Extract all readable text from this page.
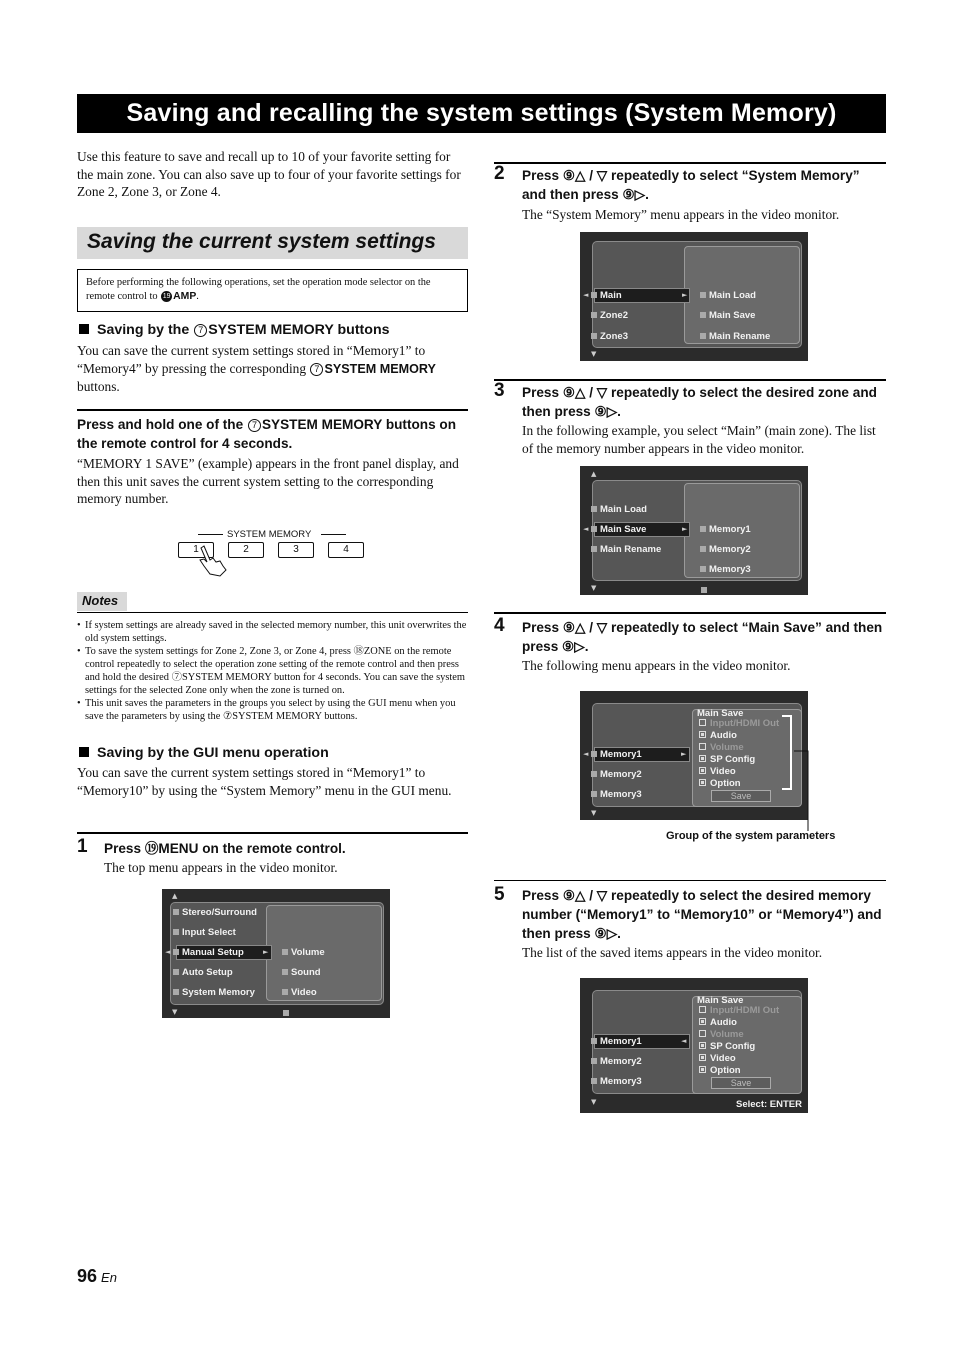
Saving and recalling the system settings (System Memory)
Use this feature to save and recall up to 10 of your favorite setting for the main zone. You can also save up to four of your favorite settings for Zone 2, Zone 3, or Zone 4.
Saving the current system settings
Before performing the following operations, set the operation mode selector on the remote control to 19 AMP.
Saving by the 7 SYSTEM MEMORY buttons
You can save the current system settings stored in “Memory1” to “Memory4” by pressing the corresponding 7 SYSTEM MEMORY buttons.
Press and hold one of the 7 SYSTEM MEMORY buttons on the remote control for 4 seconds.
“MEMORY 1 SAVE” (example) appears in the front panel display, and then this unit saves the current system setting to the corresponding memory number.
SYSTEM MEMORY
1	2	3	4
Notes
• If system settings are already saved in the selected memory number, this unit overwrites the old system settings.
• To save the system settings for Zone 2, Zone 3, or Zone 4, press ⑱ZONE on the remote control repeatedly to select the operation zone setting of the remote control and then press and hold the desired ⑦SYSTEM MEMORY button for 4 seconds. You can save the system settings for the selected Zone only when the zone is turned on.
• This unit saves the parameters in the groups you select by using the GUI menu when you save the parameters by using the ⑦SYSTEM MEMORY buttons.
Saving by the GUI menu operation
You can save the current system settings stored in “Memory1” to “Memory10” by using the “System Memory” menu in the GUI menu.
1 Press ⑲MENU on the remote control.
The top menu appears in the video monitor.
▲
◄	►
Stereo/Surround
Input Select
Manual Setup
Auto Setup
System Memory
Volume
Sound
Video
▼
2 Press ⑨△ / ▽ repeatedly to select “System Memory” and then press ⑨▷.
The “System Memory” menu appears in the video monitor.
◄	►
Main
Zone2
Zone3
Main Load
Main Save
Main Rename
▼
3 Press ⑨△ / ▽ repeatedly to select the desired zone and then press ⑨▷.
In the following example, you select “Main” (main zone). The list of the memory number appears in the video monitor.
▲
◄	►
Main Load
Main Save
Main Rename
Memory1
Memory2
Memory3
▼
4 Press ⑨△ / ▽ repeatedly to select “Main Save” and then press ⑨▷.
The following menu appears in the video monitor.
Main Save
◄	►
Memory1
Memory2
Memory3
Input/HDMI Out
Audio
Volume
SP Config
Video
Option
Save
▼
Group of the system parameters
5 Press ⑨△ / ▽ repeatedly to select the desired memory number (“Memory1” to “Memory10” or “Memory4”) and then press ⑨▷.
The list of the saved items appears in the video monitor.
Main Save
◄
Memory1
Memory2
Memory3
Input/HDMI Out
Audio
Volume
SP Config
Video
Option
Save
▼	Select: ENTER
96 En
